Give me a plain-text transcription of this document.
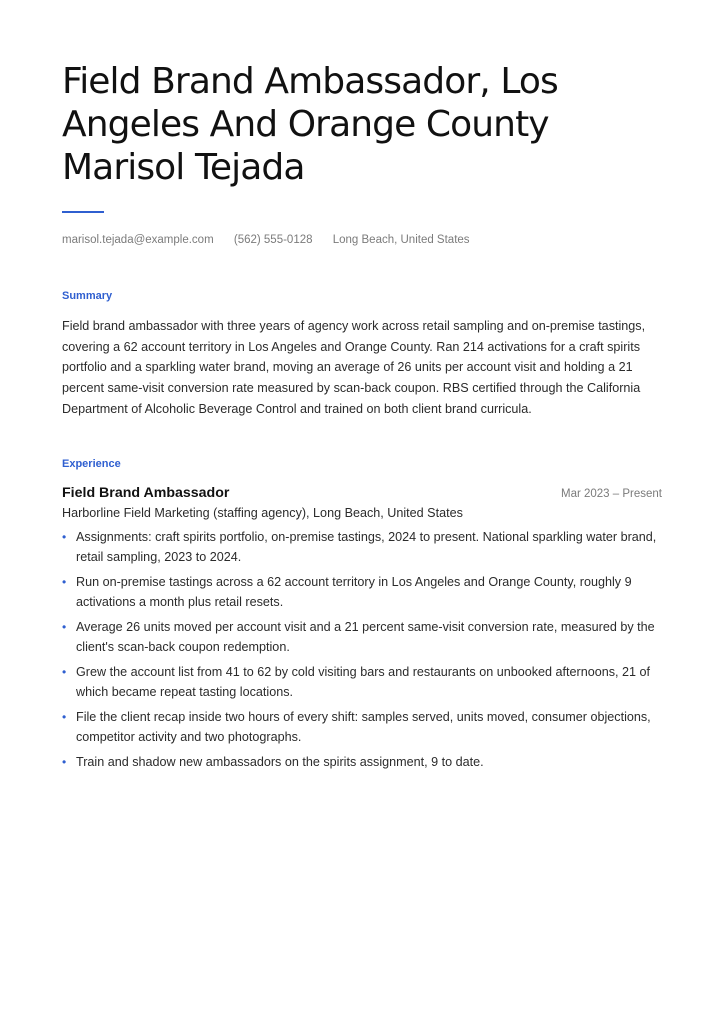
Field Brand Ambassador, Los
Angeles And Orange County
Marisol Tejada
marisol.tejada@example.com (562) 555-0128 Long Beach, United States
Summary

Field brand ambassador with three years of agency work across retail sampling and on-premise tastings, covering a 62 account territory in Los Angeles and Orange County. Ran 214 activations for a craft spirits portfolio and a sparkling water brand, moving an average of 26 units per account visit and holding a 21 percent same-visit conversion rate measured by scan-back coupon. RBS certified through the California Department of Alcoholic Beverage Control and trained on both client brand curricula.

Experience
Field Brand Ambassador	Mar 2023 – Present
Harborline Field Marketing (staffing agency), Long Beach, United States
• Assignments: craft spirits portfolio, on-premise tastings, 2024 to present. National sparkling water brand, retail sampling, 2023 to 2024.
• Run on-premise tastings across a 62 account territory in Los Angeles and Orange County, roughly 9 activations a month plus retail resets.
• Average 26 units moved per account visit and a 21 percent same-visit conversion rate, measured by the client's scan-back coupon redemption.
• Grew the account list from 41 to 62 by cold visiting bars and restaurants on unbooked afternoons, 21 of which became repeat tasting locations.
• File the client recap inside two hours of every shift: samples served, units moved, consumer objections, competitor activity and two photographs.
• Train and shadow new ambassadors on the spirits assignment, 9 to date.
